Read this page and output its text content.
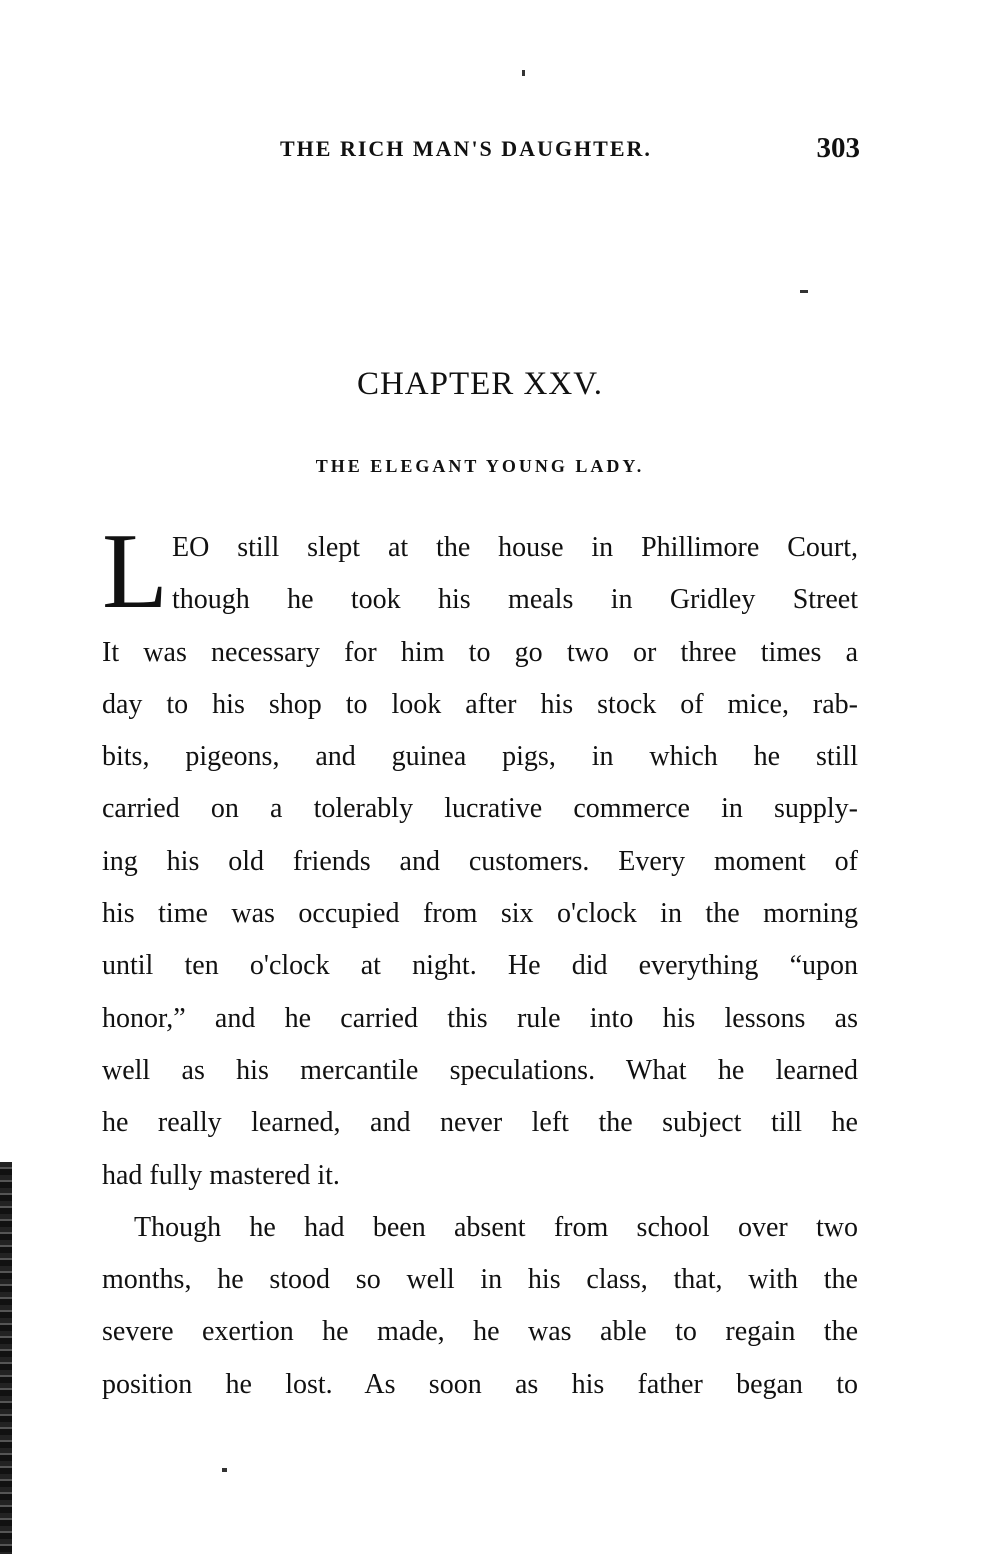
THE RICH MAN'S DAUGHTER.	303
CHAPTER XXV.
THE ELEGANT YOUNG LADY.
L EO still slept at the house in Phillimore Court,
though he took his meals in Gridley Street
It was necessary for him to go two or three times a
day to his shop to look after his stock of mice, rab-
bits, pigeons, and guinea pigs, in which he still
carried on a tolerably lucrative commerce in supply-
ing his old friends and customers. Every moment of
his time was occupied from six o'clock in the morning
until ten o'clock at night. He did everything “upon
honor,” and he carried this rule into his lessons as
well as his mercantile speculations. What he learned
he really learned, and never left the subject till he
had fully mastered it.
Though he had been absent from school over two
months, he stood so well in his class, that, with the
severe exertion he made, he was able to regain the
position he lost. As soon as his father began to
